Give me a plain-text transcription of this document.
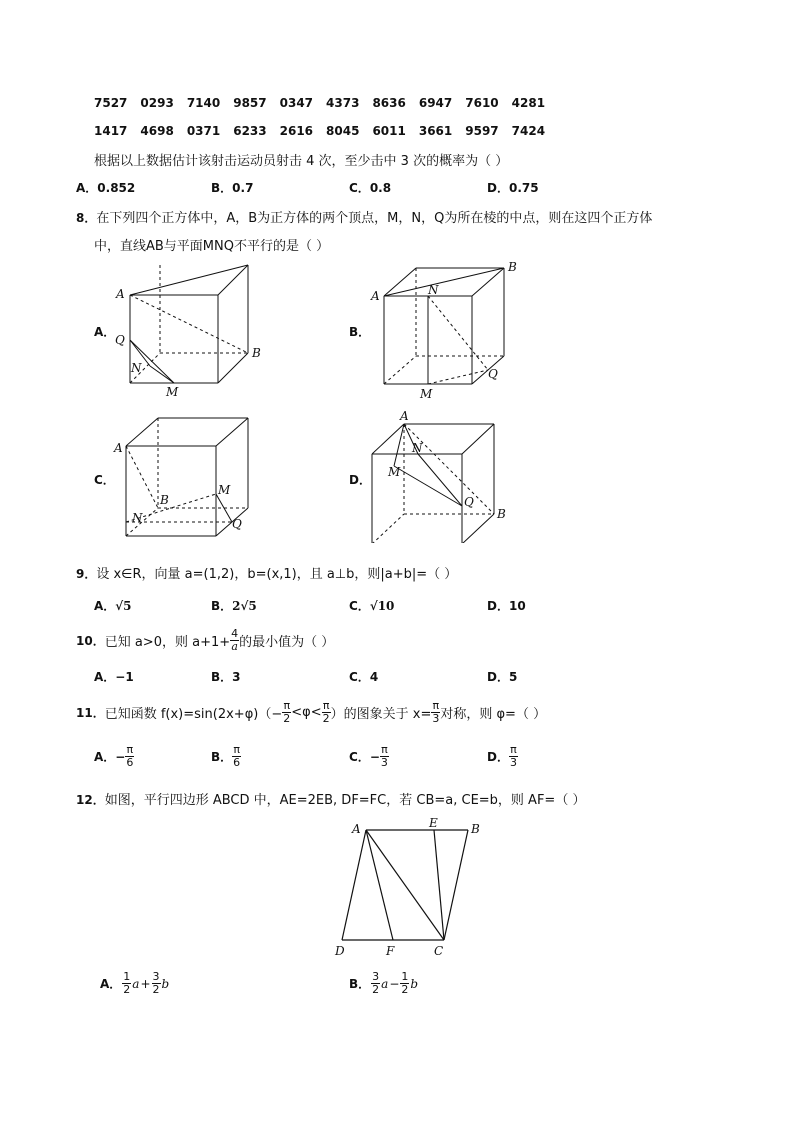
7527 0293 7140 9857 0347 4373 8636 6947 7610 4281
1417 4698 0371 6233 2616 8045 6011 3661 9597 7424
根据以上数据估计该射击运动员射击 4 次，至少击中 3 次的概率为（ ）
A．0.852	B．0.7	C．0.8	D．0.75
8．在下列四个正方体中，A，B为正方体的两个顶点，M，N，Q为所在棱的中点，则在这四个正方体
中，直线AB与平面MNQ不平行的是（ ）
A．	B．
C．	D．
A
B
Q
N
M
A
B
N
Q
M
A
B
M
N	Q
A
N
M
Q
B
9．设 x∈R，向量 a=(1,2)，b=(x,1)，且 a⊥b，则|a+b|=（ ）
A．√5	B．2√5	C．√10	D．10
10． 已知 a>0，则 $a+1+ \frac{4}{a}$ 的最小值为（ ）
A．−1	B．3	C．4	D．5
11． 已知函数 $f(x)=\sin(2x+\varphi)(- \frac{\pi}{2} <\varphi< \frac{\pi}{2}$ ）的图象关于 $x= \frac{\pi}{3}$ 对称，则 φ=（ ）
A． − $\frac{\pi}{6}$	B． $\frac{\pi}{6}$	C． − $\frac{\pi}{3}$	D． $\frac{\pi}{3}$
12．如图，平行四边形 ABCD 中，AE=2EB, DF=FC，若 CB=a, CE=b，则 AF=（ ）
A	E	B
D	F	C
A． $\frac{1}{2}$ $a + \frac{3}{2}$ b	B． $\frac{3}{2}$ $a - \frac{1}{2}$ b
